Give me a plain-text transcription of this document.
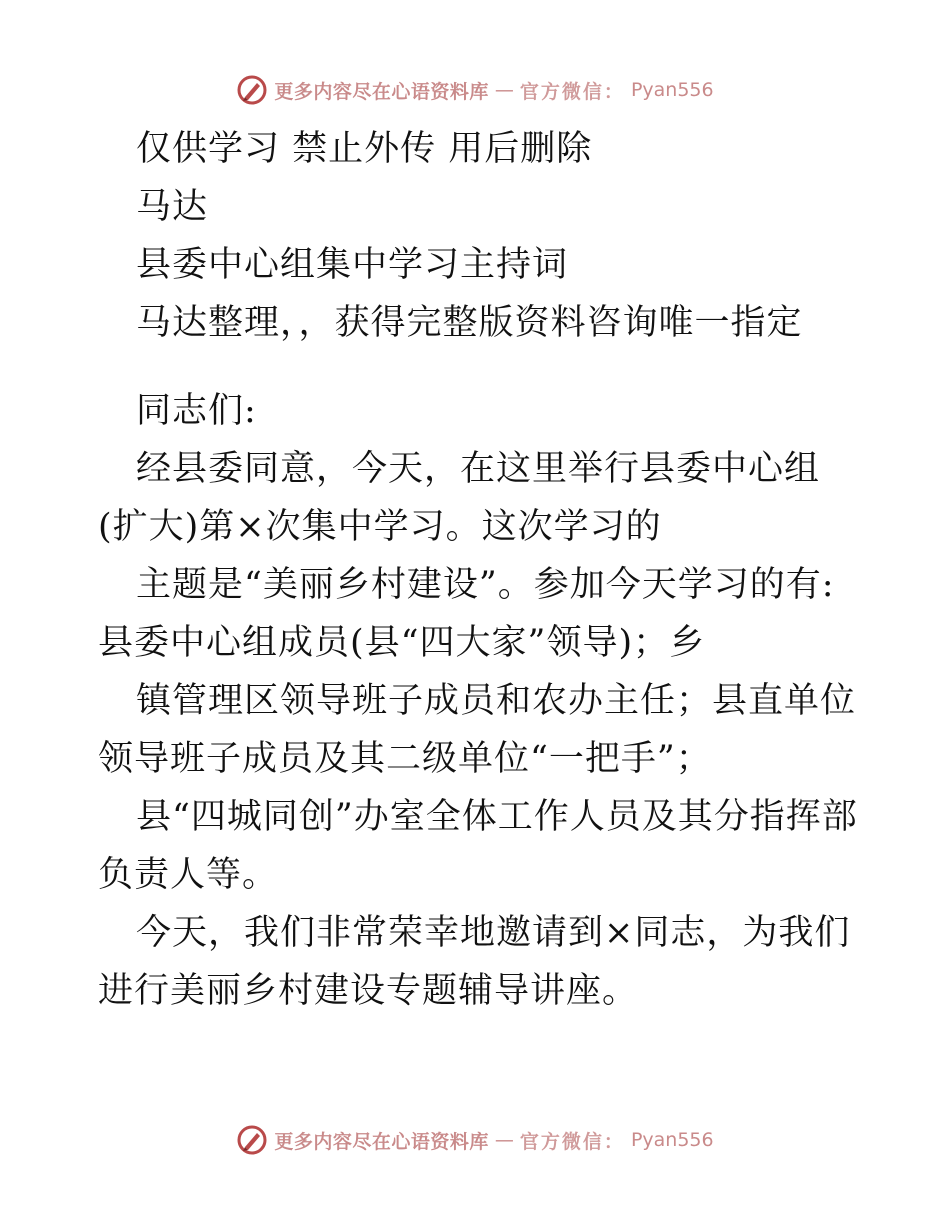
更多内容尽在心语资料库 — 官方微信： Pyan556

仅供学习 禁止外传 用后删除

马达

县委中心组集中学习主持词

马达整理，，获得完整版资料咨询唯一指定

同志们:

经县委同意，今天，在这里举行县委中心组(扩大)第×次集中学习。这次学习的

主题是“美丽乡村建设”。参加今天学习的有:县委中心组成员(县“四大家”领导)；乡

镇管理区领导班子成员和农办主任；县直单位领导班子成员及其二级单位“一把手”；

县“四城同创”办室全体工作人员及其分指挥部负责人等。

今天，我们非常荣幸地邀请到×同志，为我们进行美丽乡村建设专题辅导讲座。

更多内容尽在心语资料库 — 官方微信： Pyan556
